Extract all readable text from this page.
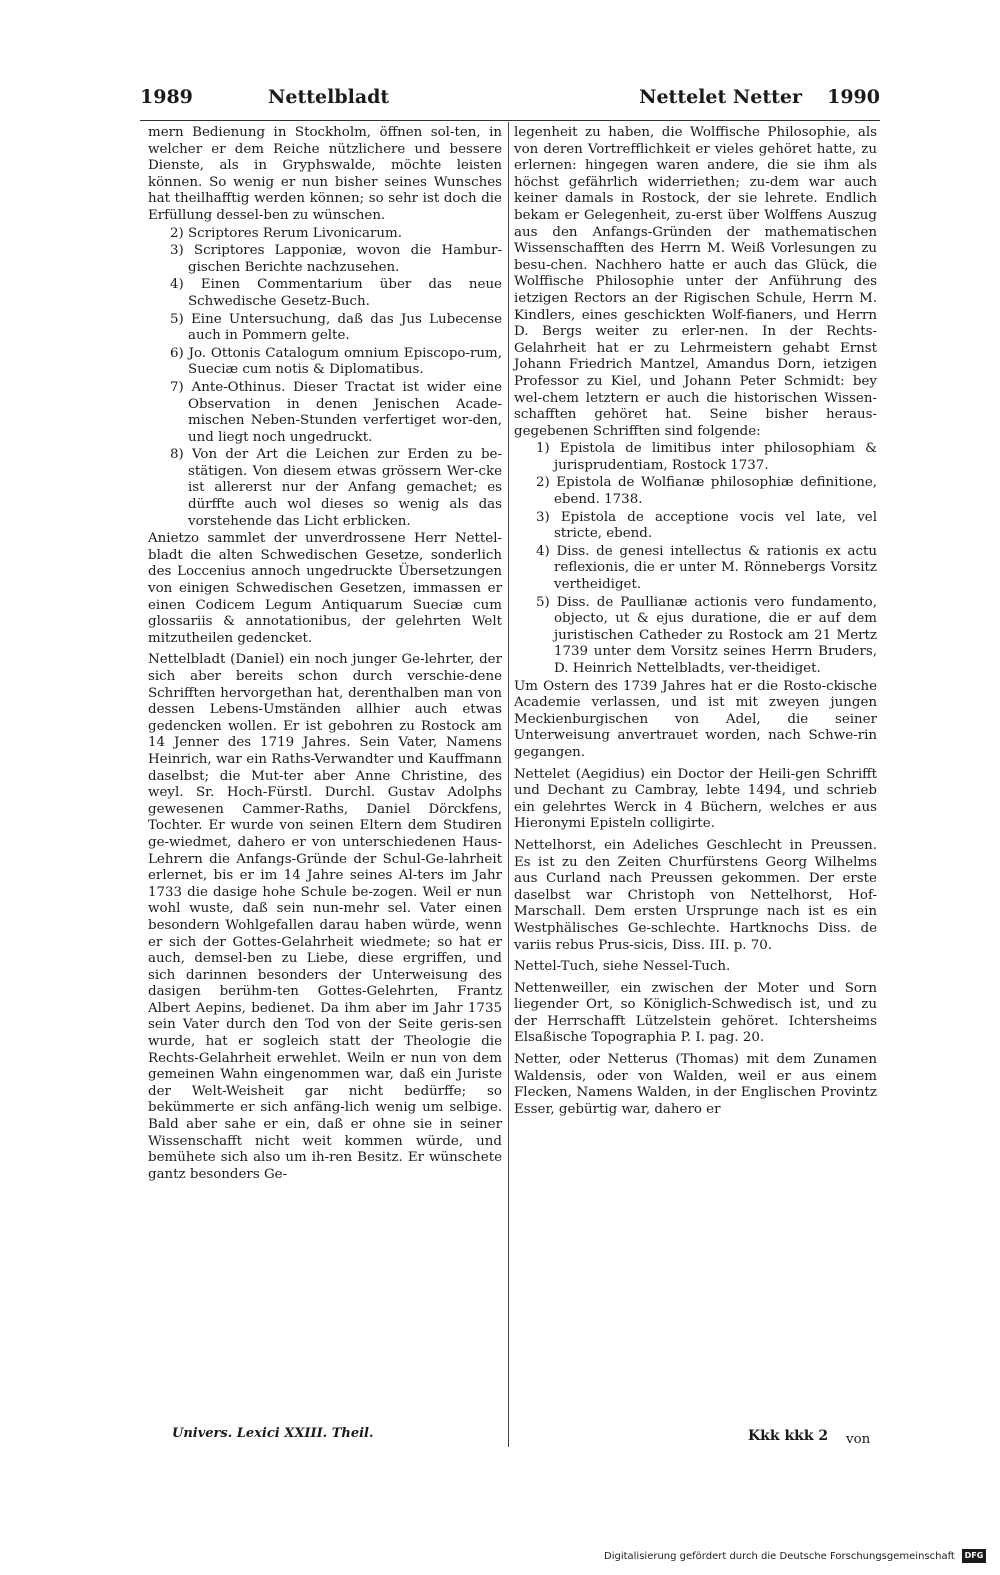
1989	Nettelbladt	Nettelet Netter 1990

mern Bedienung in Stockholm, öffnen sol-ten, in welcher er dem Reiche nützlichere und bessere Dienste, als in Gryphswalde, möchte leisten können. So wenig er nun bisher seines Wunsches hat theilhafftig werden können; so sehr ist doch die Erfüllung dessel-ben zu wünschen.

2) Scriptores Rerum Livonicarum.

3) Scriptores Lapponiæ, wovon die Hambur-gischen Berichte nachzusehen.

4) Einen Commentarium über das neue Schwedische Gesetz-Buch.

5) Eine Untersuchung, daß das Jus Lubecense auch in Pommern gelte.

6) Jo. Ottonis Catalogum omnium Episcopo-rum, Sueciæ cum notis & Diplomatibus.

7) Ante-Othinus. Dieser Tractat ist wider eine Observation in denen Jenischen Acade-mischen Neben-Stunden verfertiget wor-den, und liegt noch ungedruckt.

8) Von der Art die Leichen zur Erden zu be-stätigen. Von diesem etwas grössern Wer-cke ist allererst nur der Anfang gemachet; es dürffte auch wol dieses so wenig als das vorstehende das Licht erblicken.

Anietzo sammlet der unverdrossene Herr Nettel-bladt die alten Schwedischen Gesetze, sonderlich des Loccenius annoch ungedruckte Übersetzungen von einigen Schwedischen Gesetzen, immassen er einen Codicem Legum Antiquarum Sueciæ cum glossariis & annotationibus, der gelehrten Welt mitzutheilen gedencket.

Nettelbladt (Daniel) ein noch junger Ge-lehrter, der sich aber bereits schon durch verschie-dene Schrifften hervorgethan hat, derenthalben man von dessen Lebens-Umständen allhier auch etwas gedencken wollen. Er ist gebohren zu Rostock am 14 Jenner des 1719 Jahres. Sein Vater, Namens Heinrich, war ein Raths-Verwandter und Kauffmann daselbst; die Mut-ter aber Anne Christine, des weyl. Sr. Hoch-Fürstl. Durchl. Gustav Adolphs gewesenen Cammer-Raths, Daniel Dörckfens, Tochter. Er wurde von seinen Eltern dem Studiren ge-wiedmet, dahero er von unterschiedenen Haus-Lehrern die Anfangs-Gründe der Schul-Ge-lahrheit erlernet, bis er im 14 Jahre seines Al-ters im Jahr 1733 die dasige hohe Schule be-zogen. Weil er nun wohl wuste, daß sein nun-mehr sel. Vater einen besondern Wohlgefallen darau haben würde, wenn er sich der Gottes-Gelahrheit wiedmete; so hat er auch, demsel-ben zu Liebe, diese ergriffen, und sich darinnen besonders der Unterweisung des dasigen berühm-ten Gottes-Gelehrten, Frantz Albert Aepins, bedienet. Da ihm aber im Jahr 1735 sein Vater durch den Tod von der Seite geris-sen wurde, hat er sogleich statt der Theologie die Rechts-Gelahrheit erwehlet. Weiln er nun von dem gemeinen Wahn eingenommen war, daß ein Juriste der Welt-Weisheit gar nicht bedürffe; so bekümmerte er sich anfäng-lich wenig um selbige. Bald aber sahe er ein, daß er ohne sie in seiner Wissenschafft nicht weit kommen würde, und bemühete sich also um ih-ren Besitz. Er wünschete gantz besonders Ge-

legenheit zu haben, die Wolffische Philosophie, als von deren Vortrefflichkeit er vieles gehöret hatte, zu erlernen: hingegen waren andere, die sie ihm als höchst gefährlich widerriethen; zu-dem war auch keiner damals in Rostock, der sie lehrete. Endlich bekam er Gelegenheit, zu-erst über Wolffens Auszug aus den Anfangs-Gründen der mathematischen Wissenschafften des Herrn M. Weiß Vorlesungen zu besu-chen. Nachhero hatte er auch das Glück, die Wolffische Philosophie unter der Anführung des ietzigen Rectors an der Rigischen Schule, Herrn M. Kindlers, eines geschickten Wolf-fianers, und Herrn D. Bergs weiter zu erler-nen. In der Rechts-Gelahrheit hat er zu Lehrmeistern gehabt Ernst Johann Friedrich Mantzel, Amandus Dorn, ietzigen Professor zu Kiel, und Johann Peter Schmidt: bey wel-chem letztern er auch die historischen Wissen-schafften gehöret hat. Seine bisher heraus-gegebenen Schrifften sind folgende:

1) Epistola de limitibus inter philosophiam & jurisprudentiam, Rostock 1737.

2) Epistola de Wolfianæ philosophiæ definitione, ebend. 1738.

3) Epistola de acceptione vocis vel late, vel stricte, ebend.

4) Diss. de genesi intellectus & rationis ex actu reflexionis, die er unter M. Rönnebergs Vorsitz vertheidiget.

5) Diss. de Paullianæ actionis vero fundamento, objecto, ut & ejus duratione, die er auf dem juristischen Catheder zu Rostock am 21 Mertz 1739 unter dem Vorsitz seines Herrn Bruders, D. Heinrich Nettelbladts, ver-theidiget.

Um Ostern des 1739 Jahres hat er die Rosto-ckische Academie verlassen, und ist mit zweyen jungen Meckienburgischen von Adel, die seiner Unterweisung anvertrauet worden, nach Schwe-rin gegangen.

Nettelet (Aegidius) ein Doctor der Heili-gen Schrifft und Dechant zu Cambray, lebte 1494, und schrieb ein gelehrtes Werck in 4 Büchern, welches er aus Hieronymi Episteln colligirte.

Nettelhorst, ein Adeliches Geschlecht in Preussen. Es ist zu den Zeiten Churfürstens Georg Wilhelms aus Curland nach Preussen gekommen. Der erste daselbst war Christoph von Nettelhorst, Hof-Marschall. Dem ersten Ursprunge nach ist es ein Westphälisches Ge-schlechte. Hartknochs Diss. de variis rebus Prus-sicis, Diss. III. p. 70.

Nettel-Tuch, siehe Nessel-Tuch.

Nettenweiller, ein zwischen der Moter und Sorn liegender Ort, so Königlich-Schwedisch ist, und zu der Herrschafft Lützelstein gehöret. Ichtersheims Elsaßische Topographia P. I. pag. 20.

Netter, oder Netterus (Thomas) mit dem Zunamen Waldensis, oder von Walden, weil er aus einem Flecken, Namens Walden, in der Englischen Provintz Esser, gebürtig war, dahero er

Univers. Lexici XXIII. Theil.	Kkk kkk 2 von
Digitalisierung gefördert durch die Deutsche Forschungsgemeinschaft	DFG
